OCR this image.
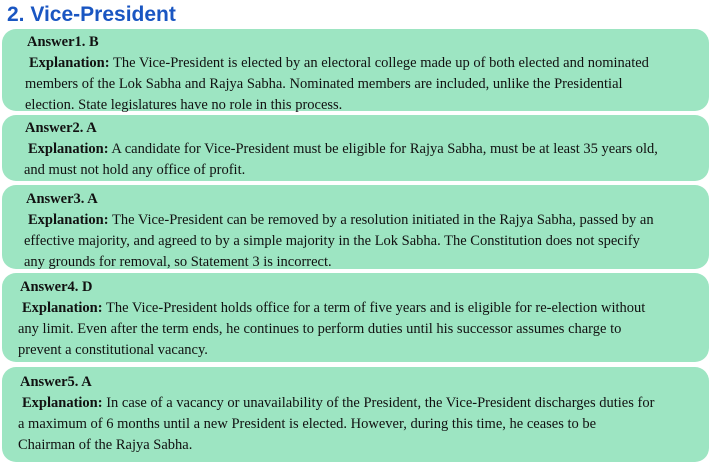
2. Vice-President
Answer1. B
Explanation: The Vice-President is elected by an electoral college made up of both elected and nominated
members of the Lok Sabha and Rajya Sabha. Nominated members are included, unlike the Presidential
election. State legislatures have no role in this process.
Answer2. A
Explanation: A candidate for Vice-President must be eligible for Rajya Sabha, must be at least 35 years old,
and must not hold any office of profit.
Answer3. A
Explanation: The Vice-President can be removed by a resolution initiated in the Rajya Sabha, passed by an
effective majority, and agreed to by a simple majority in the Lok Sabha. The Constitution does not specify
any grounds for removal, so Statement 3 is incorrect.
Answer4. D
Explanation: The Vice-President holds office for a term of five years and is eligible for re-election without
any limit. Even after the term ends, he continues to perform duties until his successor assumes charge to
prevent a constitutional vacancy.
Answer5. A
Explanation: In case of a vacancy or unavailability of the President, the Vice-President discharges duties for
a maximum of 6 months until a new President is elected. However, during this time, he ceases to be
Chairman of the Rajya Sabha.
